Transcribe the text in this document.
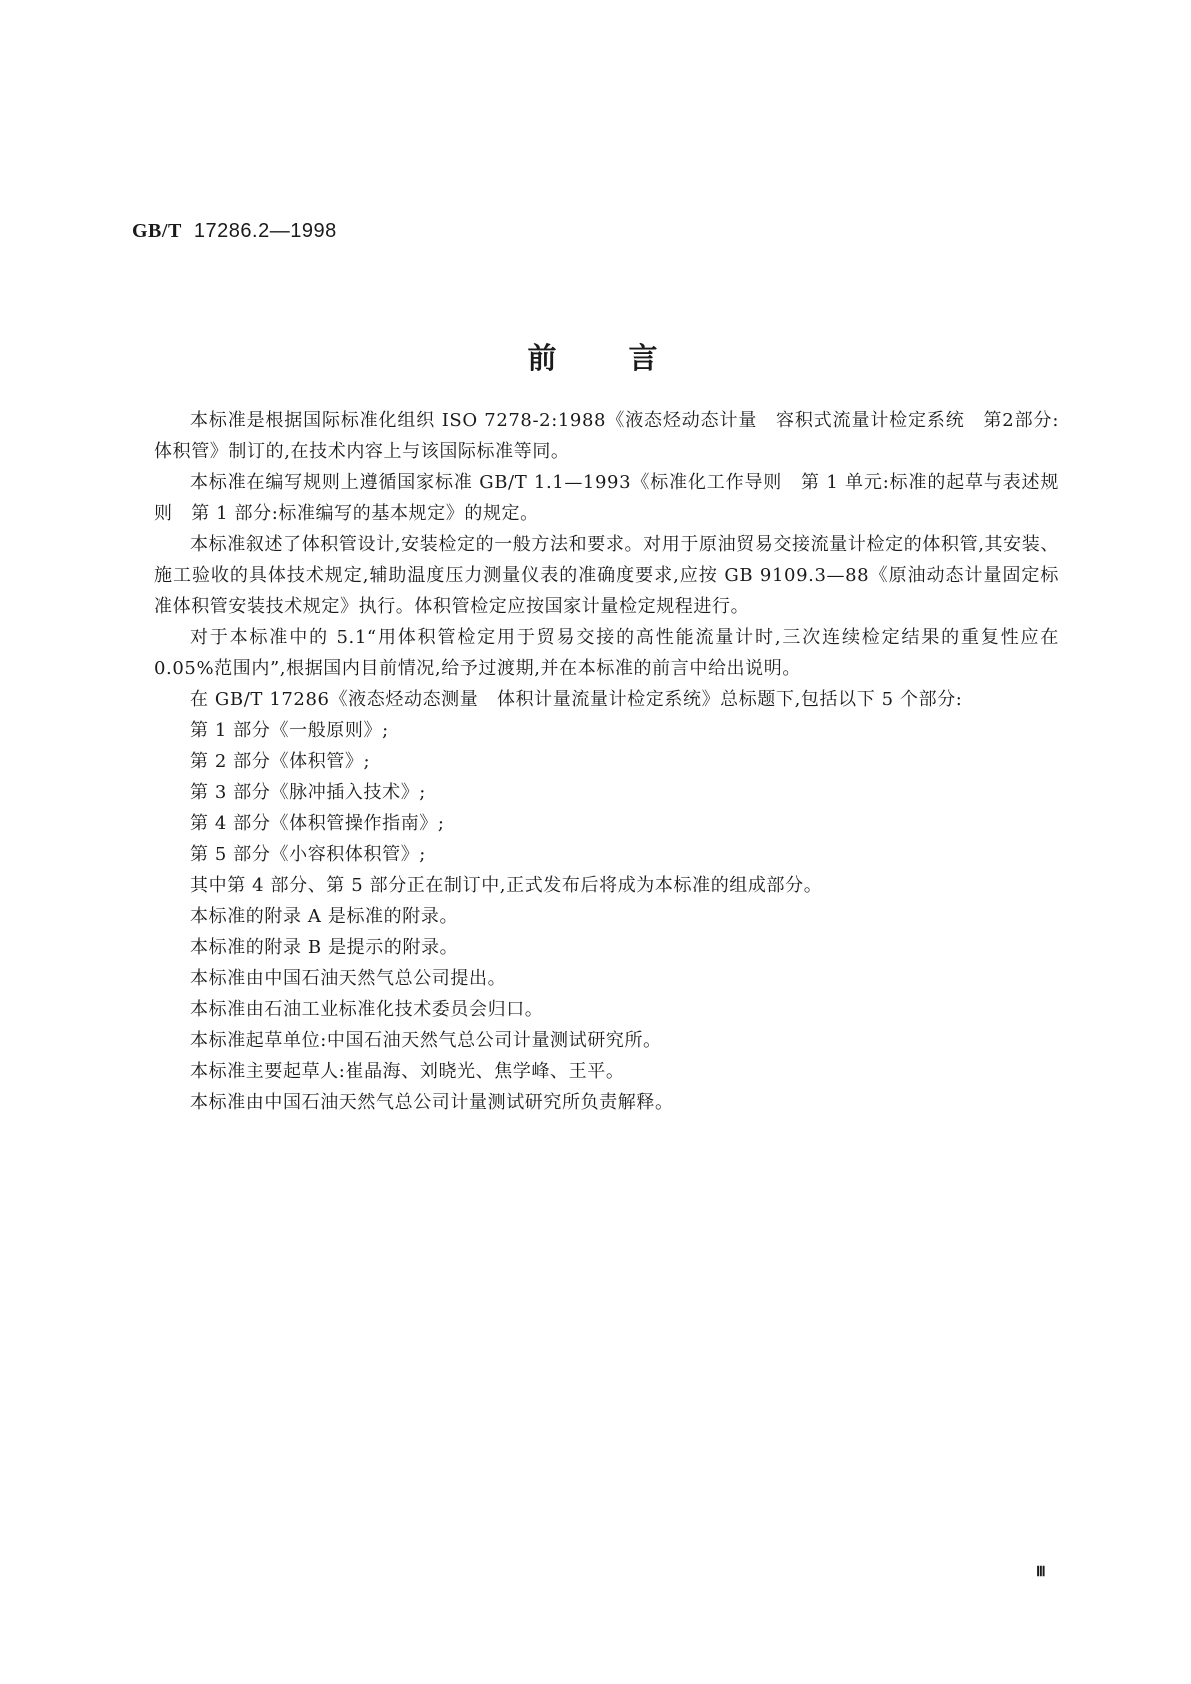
GB/T 17286.2—1998
前言

本标准是根据国际标准化组织 ISO 7278-2:1988《液态烃动态计量　容积式流量计检定系统　第2部分:体积管》制订的,在技术内容上与该国际标准等同。

本标准在编写规则上遵循国家标准 GB/T 1.1—1993《标准化工作导则　第 1 单元:标准的起草与表述规则　第 1 部分:标准编写的基本规定》的规定。

本标准叙述了体积管设计,安装检定的一般方法和要求。对用于原油贸易交接流量计检定的体积管,其安装、施工验收的具体技术规定,辅助温度压力测量仪表的准确度要求,应按 GB 9109.3—88《原油动态计量固定标准体积管安装技术规定》执行。体积管检定应按国家计量检定规程进行。

对于本标准中的 5.1“用体积管检定用于贸易交接的高性能流量计时,三次连续检定结果的重复性应在 0.05%范围内”,根据国内目前情况,给予过渡期,并在本标准的前言中给出说明。

在 GB/T 17286《液态烃动态测量　体积计量流量计检定系统》总标题下,包括以下 5 个部分:

第 1 部分《一般原则》;

第 2 部分《体积管》;

第 3 部分《脉冲插入技术》;

第 4 部分《体积管操作指南》;

第 5 部分《小容积体积管》;

其中第 4 部分、第 5 部分正在制订中,正式发布后将成为本标准的组成部分。

本标准的附录 A 是标准的附录。

本标准的附录 B 是提示的附录。

本标准由中国石油天然气总公司提出。

本标准由石油工业标准化技术委员会归口。

本标准起草单位:中国石油天然气总公司计量测试研究所。

本标准主要起草人:崔晶海、刘晓光、焦学峰、王平。

本标准由中国石油天然气总公司计量测试研究所负责解释。

Ⅲ
